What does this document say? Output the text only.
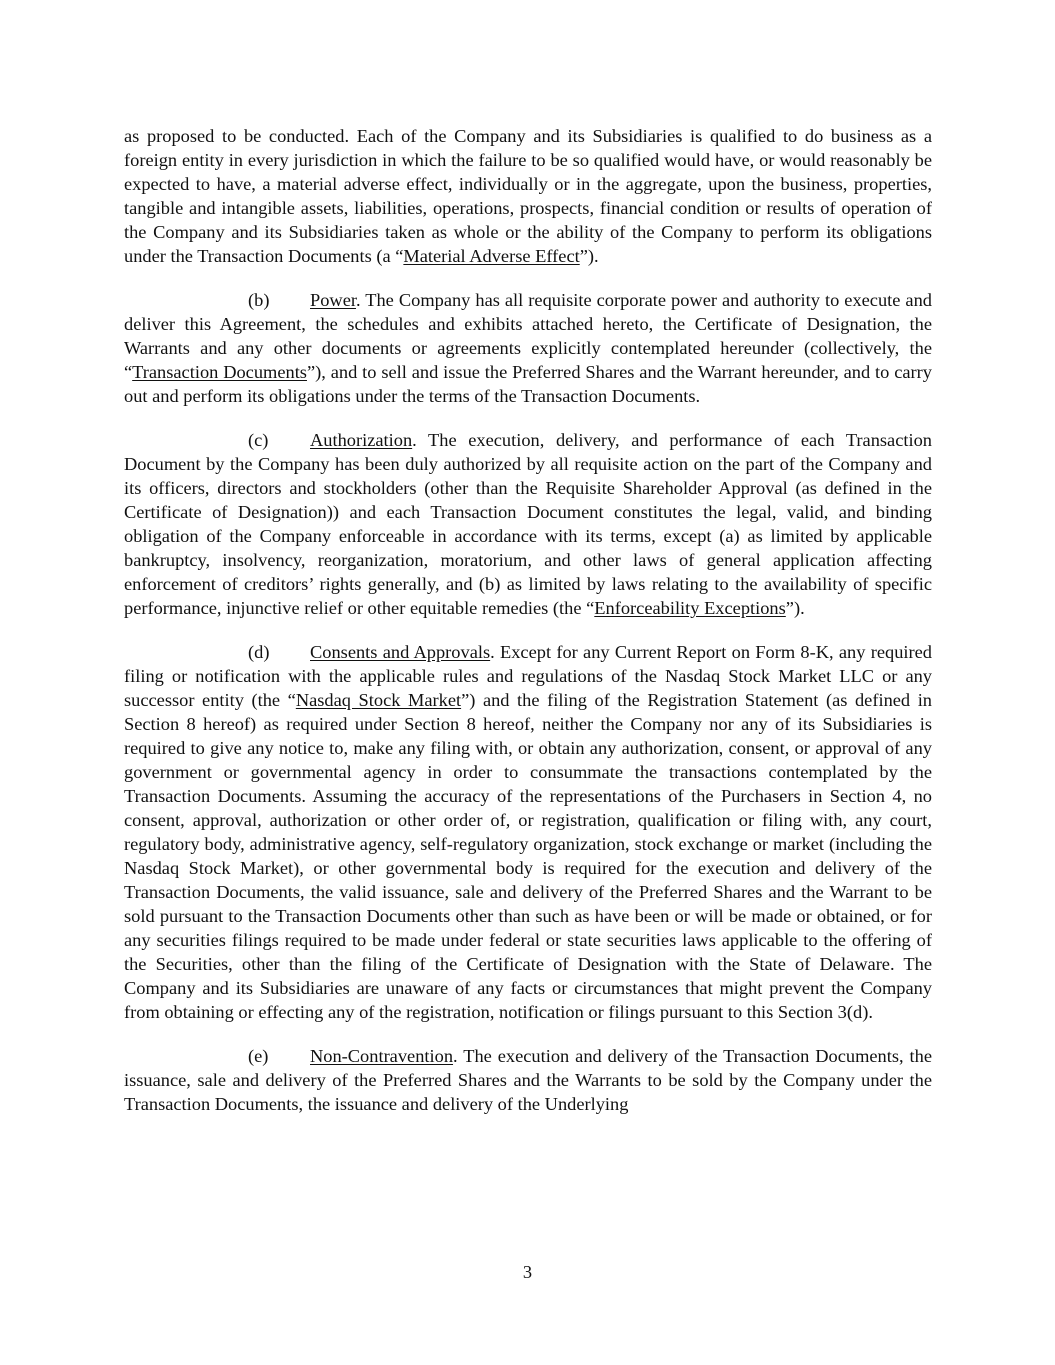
as proposed to be conducted. Each of the Company and its Subsidiaries is qualified to do business as a foreign entity in every jurisdiction in which the failure to be so qualified would have, or would reasonably be expected to have, a material adverse effect, individually or in the aggregate, upon the business, properties, tangible and intangible assets, liabilities, operations, prospects, financial condition or results of operation of the Company and its Subsidiaries taken as whole or the ability of the Company to perform its obligations under the Transaction Documents (a “Material Adverse Effect”).

(b) Power. The Company has all requisite corporate power and authority to execute and deliver this Agreement, the schedules and exhibits attached hereto, the Certificate of Designation, the Warrants and any other documents or agreements explicitly contemplated hereunder (collectively, the “Transaction Documents”), and to sell and issue the Preferred Shares and the Warrant hereunder, and to carry out and perform its obligations under the terms of the Transaction Documents.

(c) Authorization. The execution, delivery, and performance of each Transaction Document by the Company has been duly authorized by all requisite action on the part of the Company and its officers, directors and stockholders (other than the Requisite Shareholder Approval (as defined in the Certificate of Designation)) and each Transaction Document constitutes the legal, valid, and binding obligation of the Company enforceable in accordance with its terms, except (a) as limited by applicable bankruptcy, insolvency, reorganization, moratorium, and other laws of general application affecting enforcement of creditors’ rights generally, and (b) as limited by laws relating to the availability of specific performance, injunctive relief or other equitable remedies (the “Enforceability Exceptions”).

(d) Consents and Approvals. Except for any Current Report on Form 8-K, any required filing or notification with the applicable rules and regulations of the Nasdaq Stock Market LLC or any successor entity (the “Nasdaq Stock Market”) and the filing of the Registration Statement (as defined in Section 8 hereof) as required under Section 8 hereof, neither the Company nor any of its Subsidiaries is required to give any notice to, make any filing with, or obtain any authorization, consent, or approval of any government or governmental agency in order to consummate the transactions contemplated by the Transaction Documents. Assuming the accuracy of the representations of the Purchasers in Section 4, no consent, approval, authorization or other order of, or registration, qualification or filing with, any court, regulatory body, administrative agency, self-regulatory organization, stock exchange or market (including the Nasdaq Stock Market), or other governmental body is required for the execution and delivery of the Transaction Documents, the valid issuance, sale and delivery of the Preferred Shares and the Warrant to be sold pursuant to the Transaction Documents other than such as have been or will be made or obtained, or for any securities filings required to be made under federal or state securities laws applicable to the offering of the Securities, other than the filing of the Certificate of Designation with the State of Delaware. The Company and its Subsidiaries are unaware of any facts or circumstances that might prevent the Company from obtaining or effecting any of the registration, notification or filings pursuant to this Section 3(d).

(e) Non-Contravention. The execution and delivery of the Transaction Documents, the issuance, sale and delivery of the Preferred Shares and the Warrants to be sold by the Company under the Transaction Documents, the issuance and delivery of the Underlying

3
